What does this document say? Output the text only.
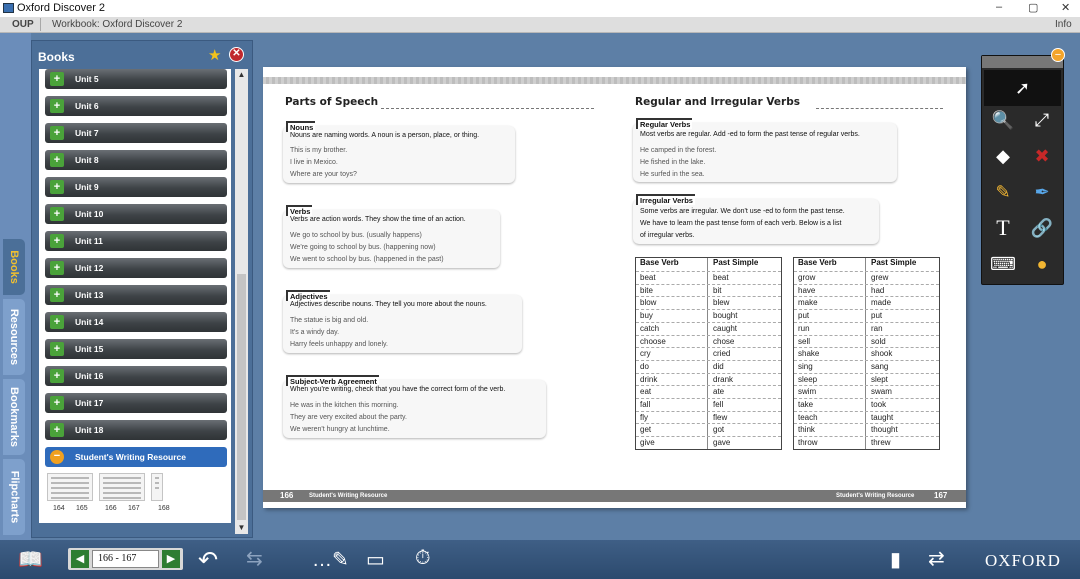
Oxford Discover 2	– ▢ ✕
OUP Workbook: Oxford Discover 2	Info
Books
Resources
Bookmarks
Flipcharts
Books	★	✕
+	Unit 5
+	Unit 6
+	Unit 7
+	Unit 8
+	Unit 9
+	Unit 10
+	Unit 11
+	Unit 12
+	Unit 13
+	Unit 14
+	Unit 15
+	Unit 16
+	Unit 17
+	Unit 18
−	Student's Writing Resource
164 165 166 167	168
▲
▼
Parts of Speech	Regular and Irregular Verbs
Nouns
Nouns are naming words. A noun is a person, place, or thing.
This is my brother.
I live in Mexico.
Where are your toys?
Verbs
Verbs are action words. They show the time of an action.
We go to school by bus. (usually happens)
We're going to school by bus. (happening now)
We went to school by bus. (happened in the past)
Adjectives
Adjectives describe nouns. They tell you more about the nouns.
The statue is big and old.
It's a windy day.
Harry feels unhappy and lonely.
Subject-Verb Agreement
When you're writing, check that you have the correct form of the verb.
He was in the kitchen this morning.
They are very excited about the party.
We weren't hungry at lunchtime.
Regular Verbs
Most verbs are regular. Add -ed to form the past tense of regular verbs.
He camped in the forest.
He fished in the lake.
He surfed in the sea.
Irregular Verbs
Some verbs are irregular. We don't use -ed to form the past tense.
We have to learn the past tense form of each verb. Below is a list
of irregular verbs.
Base Verb	Past Simple
beat	beat
bite	bit
blow	blew
buy	bought
catch	caught
choose	chose
cry	cried
do	did
drink	drank
eat	ate
fall	fell
fly	flew
get	got
give	gave
Base Verb	Past Simple
grow	grew
have	had
make	made
put	put
run	ran
sell	sold
shake	shook
sing	sang
sleep	slept
swim	swam
take	took
teach	taught
think	thought
throw	threw
166	Student's Writing Resource	Student's Writing Resource 167
−
➚
🔍	⤢
◆	✖
✎	✒
T	🔗
⌨	●
📖	◀	166 - 167	▶ ↶ ⇆ …✎ ▭ ⏱	▮ ⇄ OXFORD
